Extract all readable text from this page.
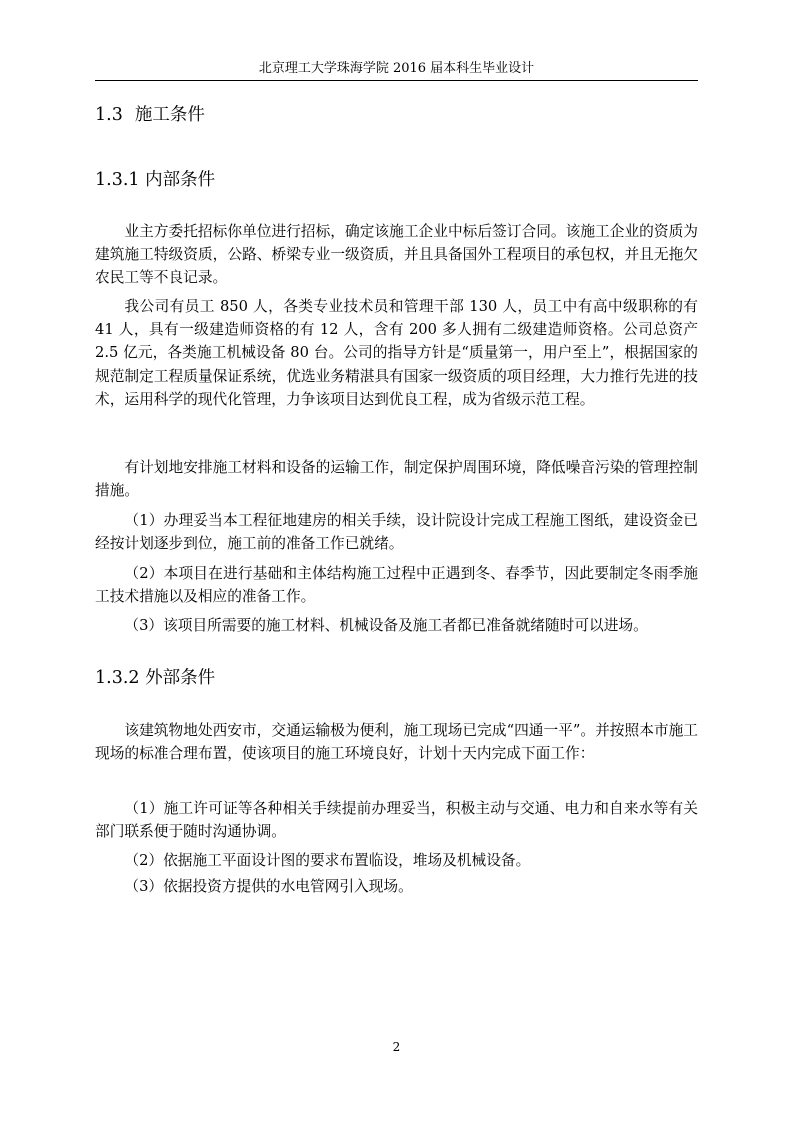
北京理工大学珠海学院 2016 届本科生毕业设计
1.3 施工条件
1.3.1 内部条件

业主方委托招标你单位进行招标，确定该施工企业中标后签订合同。该施工企业的资质为建筑施工特级资质，公路、桥梁专业一级资质，并且具备国外工程项目的承包权，并且无拖欠农民工等不良记录。

我公司有员工 850 人，各类专业技术员和管理干部 130 人，员工中有高中级职称的有 41 人，具有一级建造师资格的有 12 人，含有 200 多人拥有二级建造师资格。公司总资产 2.5 亿元，各类施工机械设备 80 台。公司的指导方针是“质量第一，用户至上”，根据国家的规范制定工程质量保证系统，优选业务精湛具有国家一级资质的项目经理，大力推行先进的技术，运用科学的现代化管理，力争该项目达到优良工程，成为省级示范工程。

有计划地安排施工材料和设备的运输工作，制定保护周围环境，降低噪音污染的管理控制措施。

（1）办理妥当本工程征地建房的相关手续，设计院设计完成工程施工图纸，建设资金已经按计划逐步到位，施工前的准备工作已就绪。

（2）本项目在进行基础和主体结构施工过程中正遇到冬、春季节，因此要制定冬雨季施工技术措施以及相应的准备工作。

（3）该项目所需要的施工材料、机械设备及施工者都已准备就绪随时可以进场。

1.3.2 外部条件

该建筑物地处西安市，交通运输极为便利，施工现场已完成“四通一平”。并按照本市施工现场的标准合理布置，使该项目的施工环境良好，计划十天内完成下面工作：

（1）施工许可证等各种相关手续提前办理妥当，积极主动与交通、电力和自来水等有关部门联系便于随时沟通协调。

（2）依据施工平面设计图的要求布置临设，堆场及机械设备。

（3）依据投资方提供的水电管网引入现场。

2
